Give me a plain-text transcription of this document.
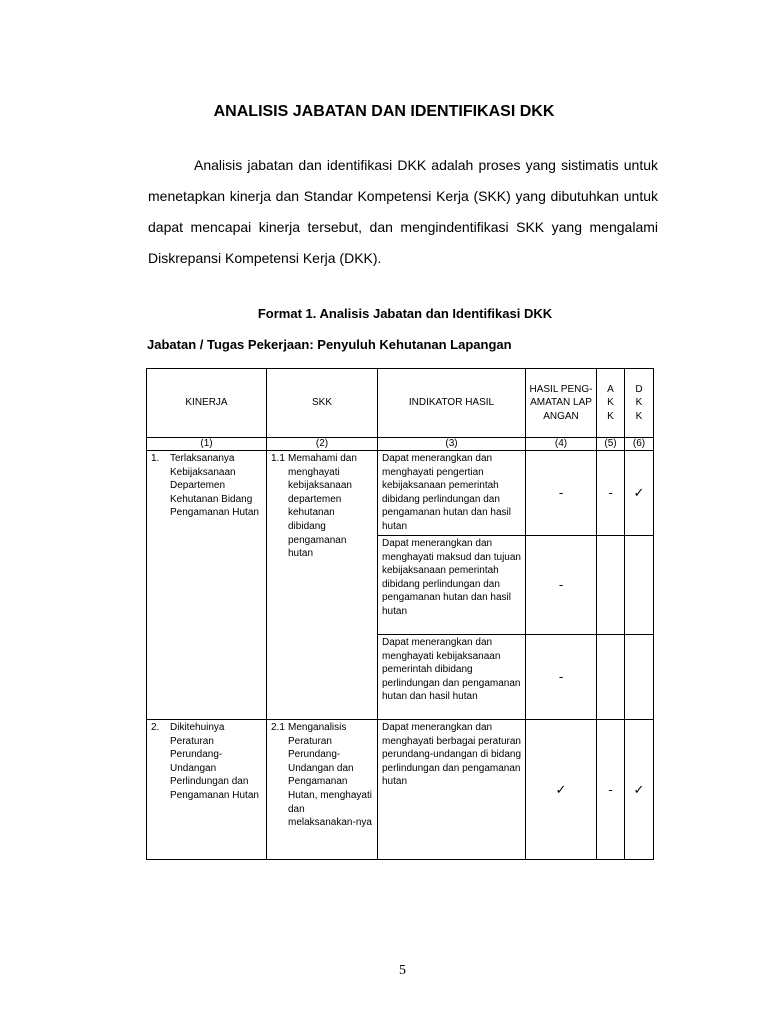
ANALISIS JABATAN DAN IDENTIFIKASI DKK
Analisis jabatan dan identifikasi DKK adalah proses yang sistimatis untuk menetapkan kinerja dan Standar Kompetensi Kerja (SKK) yang dibutuhkan untuk dapat mencapai kinerja tersebut, dan mengindentifikasi SKK yang mengalami Diskrepansi Kompetensi Kerja (DKK).
Format 1. Analisis Jabatan dan Identifikasi DKK
Jabatan / Tugas Pekerjaan: Penyuluh Kehutanan Lapangan
KINERJA	SKK	INDIKATOR HASIL	HASIL PENG-AMATAN LAPANGAN	A K K	D K K
(1)	(2)	(3)	(4)	(5)	(6)

1. Terlaksananya Kebijaksanaan Departemen Kehutanan Bidang Pengamanan Hutan	1.1 Memahami dan menghayati kebijaksanaan departemen kehutanan dibidang pengamanan hutan	Dapat menerangkan dan menghayati pengertian kebijaksanaan pemerintah dibidang perlindungan dan pengamanan hutan dan hasil hutan	-	-	✓
		Dapat menerangkan dan menghayati maksud dan tujuan kebijaksanaan pemerintah dibidang perlindungan dan pengamanan hutan dan hasil hutan	-		
		Dapat menerangkan dan menghayati kebijaksanaan pemerintah dibidang perlindungan dan pengamanan hutan dan hasil hutan	-		

2. Dikitehuinya Peraturan Perundang-Undangan Perlindungan dan Pengamanan Hutan	2.1 Menganalisis Peraturan Perundang-Undangan dan Pengamanan Hutan, menghayati dan melaksanakan-nya	Dapat menerangkan dan menghayati berbagai peraturan perundang-undangan di bidang perlindungan dan pengamanan hutan	✓	-	✓
5
